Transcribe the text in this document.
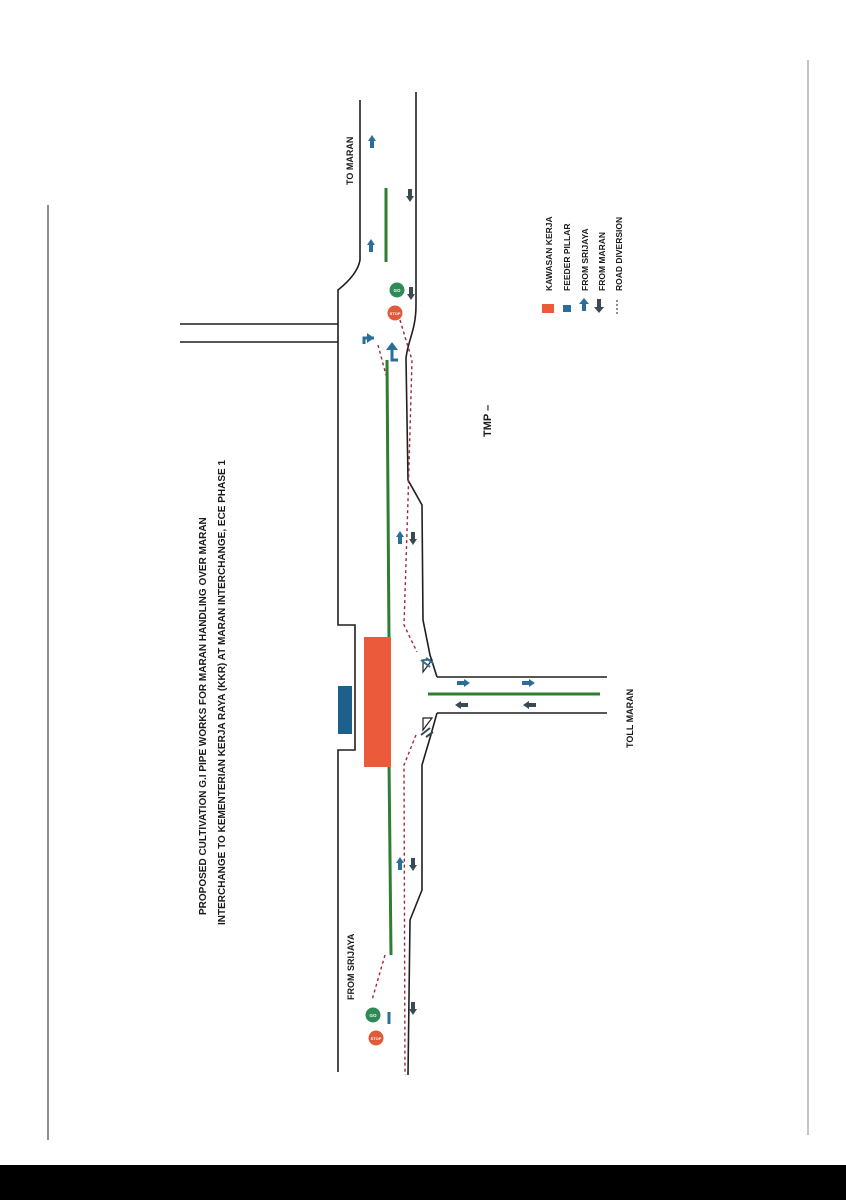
STOP
GO
STOP
GO
PROPOSED CULTIVATION G.I PIPE WORKS FOR MARAN HANDLING OVER MARAN INTERCHANGE TO KEMENTERIAN KERJA RAYA (KKR) AT MARAN INTERCHANGE, ECE PHASE 1
TO MARAN
FROM SRIJAYA
TOLL MARAN
TMP –
KAWASAN KERJA FEEDER PILLAR FROM SRIJAYA FROM MARAN ROAD DIVERSION
